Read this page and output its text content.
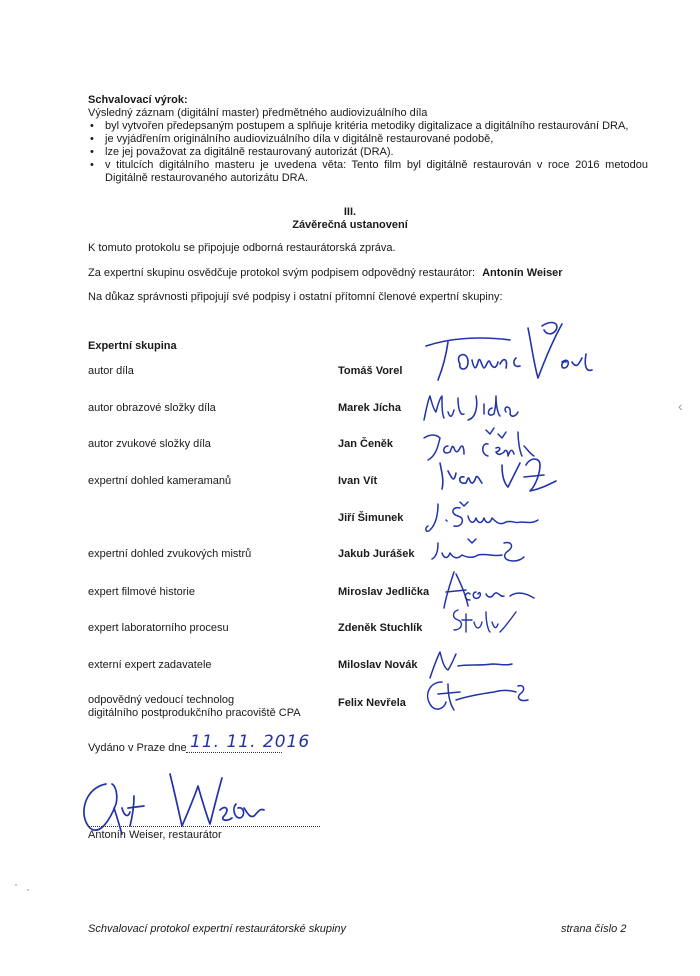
Schvalovací výrok:

Výsledný záznam (digitální master) předmětného audiovizuálního díla

• byl vytvořen předepsaným postupem a splňuje kritéria metodiky digitalizace a digitálního restaurování DRA,
• je vyjádřením originálního audiovizuálního díla v digitálně restaurované podobě,
• lze jej považovat za digitálně restaurovaný autorizát (DRA).
• v titulcích digitálního masteru je uvedena věta: Tento film byl digitálně restaurován v roce 2016 metodou Digitálně restaurovaného autorizátu DRA.
III.
Závěrečná ustanovení
K tomuto protokolu se připojuje odborná restaurátorská zpráva.
Za expertní skupinu osvědčuje protokol svým podpisem odpovědný restaurátor: Antonín Weiser
Na důkaz správnosti připojují své podpisy i ostatní přítomní členové expertní skupiny:
Expertní skupina
autor díla	Tomáš Vorel
autor obrazové složky díla	Marek Jícha
autor zvukové složky díla	Jan Čeněk
expertní dohled kameramanů	Ivan Vít
Jiří Šimunek
expertní dohled zvukových mistrů	Jakub Jurášek
expert filmové historie	Miroslav Jedlička
expert laboratorního procesu	Zdeněk Stuchlík
externí expert zadavatele	Miloslav Novák
odpovědný vedoucí technolog
digitálního postprodukčního pracoviště CPA
Felix Nevřela
Vydáno v Praze dne 11. 11. 2016
Antonín Weiser, restaurátor
‹
Schvalovací protokol expertní restaurátorské skupiny	strana číslo 2
